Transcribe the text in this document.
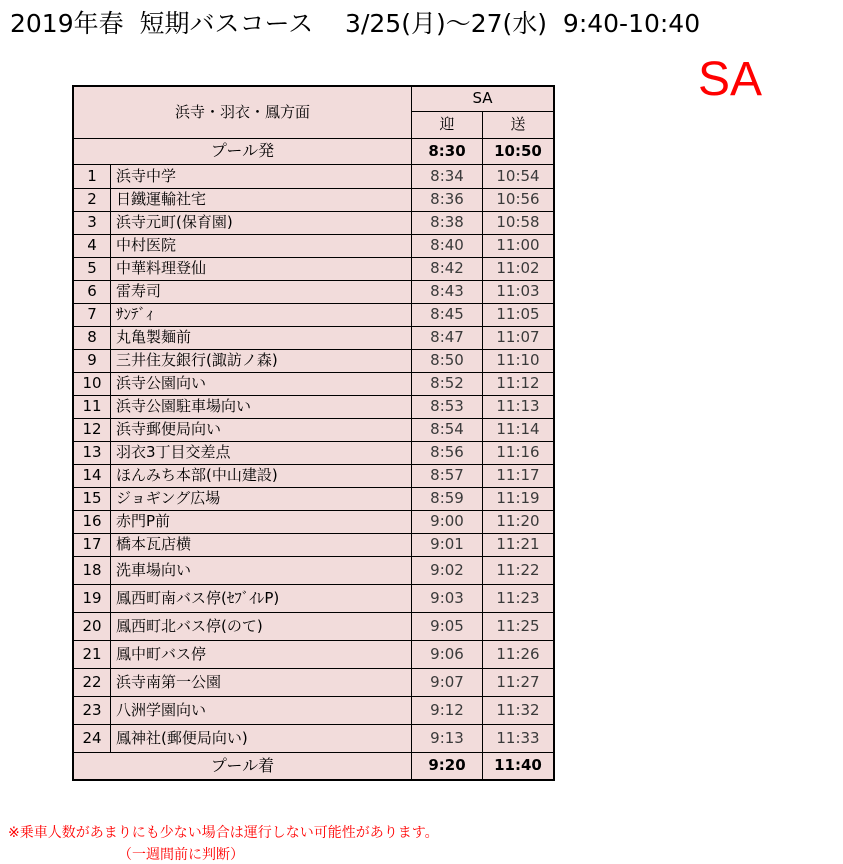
2019年春  短期バスコース    3/25(月)～27(水)  9:40-10:40
SA
浜寺・羽衣・鳳方面		SA	
		迎	送
プール発		8:30	10:50
1	浜寺中学	8:34	10:54
2	日鐵運輸社宅	8:36	10:56
3	浜寺元町(保育園)	8:38	10:58
4	中村医院	8:40	11:00
5	中華料理登仙	8:42	11:02
6	雷寿司	8:43	11:03
7	ｻﾝﾃﾞｨ	8:45	11:05
8	丸亀製麺前	8:47	11:07
9	三井住友銀行(諏訪ノ森)	8:50	11:10
10	浜寺公園向い	8:52	11:12
11	浜寺公園駐車場向い	8:53	11:13
12	浜寺郵便局向い	8:54	11:14
13	羽衣3丁目交差点	8:56	11:16
14	ほんみち本部(中山建設)	8:57	11:17
15	ジョギング広場	8:59	11:19
16	赤門P前	9:00	11:20
17	橋本瓦店横	9:01	11:21
18	洗車場向い	9:02	11:22
19	鳳西町南バス停(ｾﾌﾞｲﾚP)	9:03	11:23
20	鳳西町北バス停(のて)	9:05	11:25
21	鳳中町バス停	9:06	11:26
22	浜寺南第一公園	9:07	11:27
23	八洲学園向い	9:12	11:32
24	鳳神社(郵便局向い)	9:13	11:33
プール着		9:20	11:40
※乗車人数があまりにも少ない場合は運行しない可能性があります。
（一週間前に判断）
